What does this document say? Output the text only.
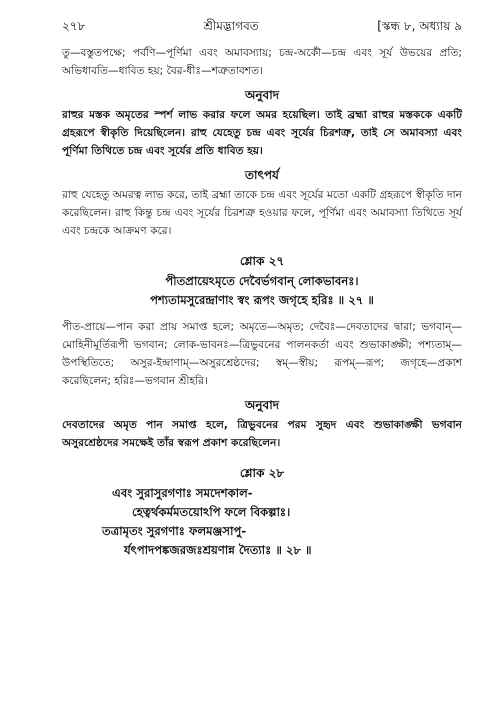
২৭৮	শ্রীমদ্ভাগবত	[স্কন্ধ ৮, অধ্যায় ৯

তু—বস্তুতপক্ষে; পর্বণি—পূর্ণিমা এবং অমাবস্যায়; চন্দ্র-অর্কৌ—চন্দ্র এবং সূর্য উভয়ের প্রতি; অভিধাবতি—ধাবিত হয়; বৈর-ধীঃ—শত্রুতাবশত।

অনুবাদ

রাহুর মস্তক অমৃতের স্পর্শ লাভ করার ফলে অমর হয়েছিল। তাই ব্রহ্মা রাহুর মস্তককে একটি গ্রহরূপে স্বীকৃতি দিয়েছিলেন। রাহু যেহেতু চন্দ্র এবং সূর্যের চিরশত্রু, তাই সে অমাবস্যা এবং পূর্ণিমা তিথিতে চন্দ্র এবং সূর্যের প্রতি ধাবিত হয়।

তাৎপর্য

রাহু যেহেতু অমরত্ব লাভ করে, তাই ব্রহ্মা তাকে চন্দ্র এবং সূর্যের মতো একটি গ্রহরূপে স্বীকৃতি দান করেছিলেন। রাহু কিন্তু চন্দ্র এবং সূর্যের চিরশত্রু হওয়ার ফলে, পূর্ণিমা এবং অমাবস্যা তিথিতে সূর্য এবং চন্দ্রকে আক্রমণ করে।

শ্লোক ২৭

পীতপ্রায়েঽমৃতে দেবৈর্ভগবান্ লোকভাবনঃ।

পশ্যতামসুরেন্দ্রাণাং স্বং রূপং জগৃহে হরিঃ ॥ ২৭ ॥

পীত-প্রায়ে—পান করা প্রায় সমাপ্ত হলে; অমৃতে—অমৃত; দেবৈঃ—দেবতাদের দ্বারা; ভগবান্—মোহিনীমূর্তিরূপী ভগবান; লোক-ভাবনঃ—ত্রিভুবনের পালনকর্তা এবং শুভাকাঙ্ক্ষী; পশ্যতাম্—উপস্থিতিতে; অসুর-ইন্দ্রাণাম্—অসুরশ্রেষ্ঠদের; স্বম্—স্বীয়; রূপম্—রূপ; জগৃহে—প্রকাশ করেছিলেন; হরিঃ—ভগবান শ্রীহরি।

অনুবাদ

দেবতাদের অমৃত পান সমাপ্ত হলে, ত্রিভুবনের পরম সুহৃদ এবং শুভাকাঙ্ক্ষী ভগবান অসুরশ্রেষ্ঠদের সমক্ষেই তাঁর স্বরূপ প্রকাশ করেছিলেন।

শ্লোক ২৮

এবং সুরাসুরগণাঃ সমদেশকাল-

হেত্বর্থকর্মমতয়োঽপি ফলে বিকল্পাঃ।

তত্রামৃতং সুরগণাঃ ফলমঞ্জসাপু-

র্যৎপাদপঙ্কজরজঃশ্রয়ণান্ন দৈত্যাঃ ॥ ২৮ ॥
